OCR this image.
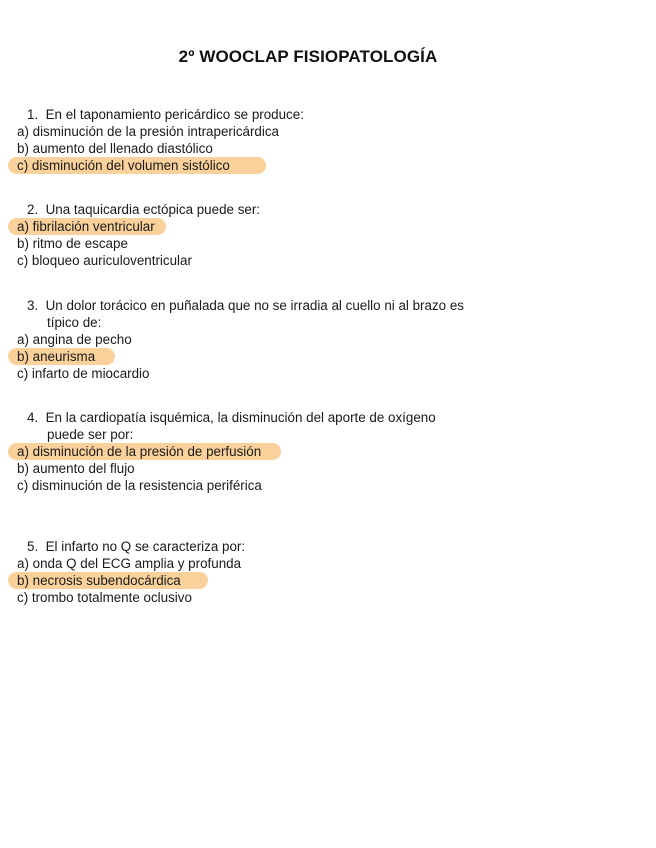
2º WOOCLAP FISIOPATOLOGÍA

1. En el taponamiento pericárdico se produce:

a) disminución de la presión intrapericárdica
b) aumento del llenado diastólico
c) disminución del volumen sistólico

2. Una taquicardia ectópica puede ser:

a) fibrilación ventricular
b) ritmo de escape
c) bloqueo auriculoventricular

3. Un dolor torácico en puñalada que no se irradia al cuello ni al brazo es típico de:

a) angina de pecho
b) aneurisma
c) infarto de miocardio

4. En la cardiopatía isquémica, la disminución del aporte de oxígeno puede ser por:

a) disminución de la presión de perfusión
b) aumento del flujo
c) disminución de la resistencia periférica

5. El infarto no Q se caracteriza por:

a) onda Q del ECG amplia y profunda
b) necrosis subendocárdica
c) trombo totalmente oclusivo
